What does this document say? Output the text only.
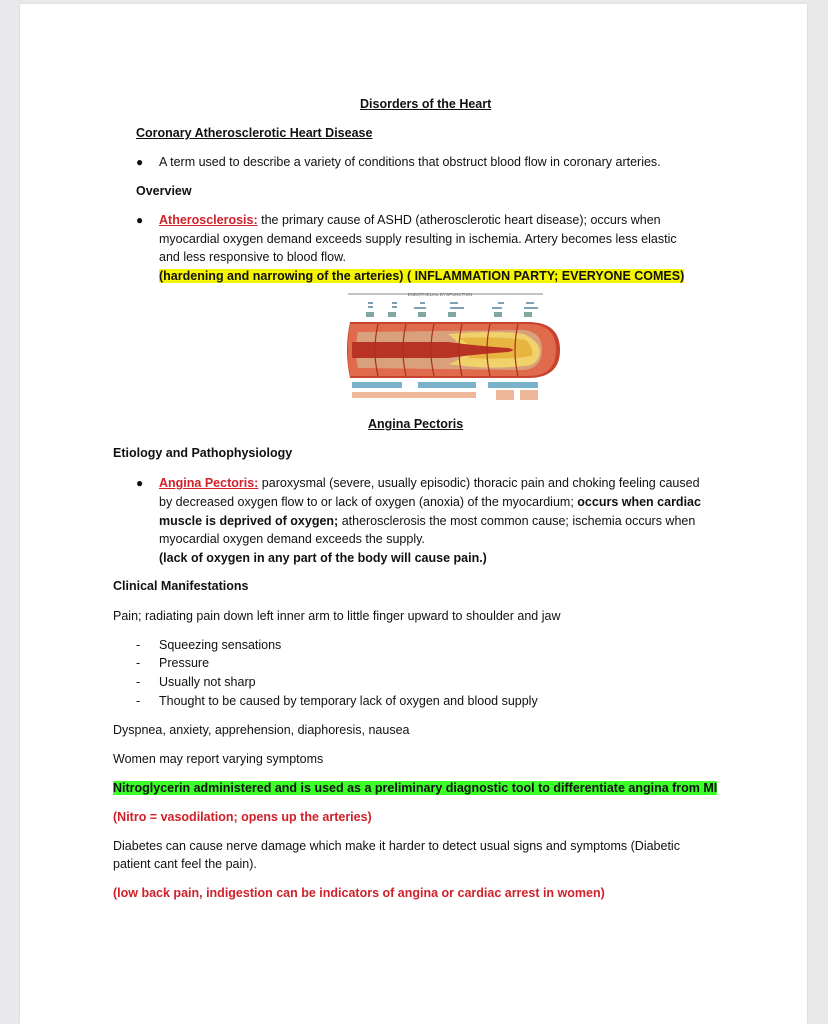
Disorders of the Heart
Coronary Atherosclerotic Heart Disease
● A term used to describe a variety of conditions that obstruct blood flow in coronary arteries.
Overview
● Atherosclerosis: the primary cause of ASHD (atherosclerotic heart disease); occurs when
myocardial oxygen demand exceeds supply resulting in ischemia. Artery becomes less elastic
and less responsive to blood flow.
(hardening and narrowing of the arteries) ( INFLAMMATION PARTY; EVERYONE COMES)
ENDOTHELIAL DYSFUNCTION
Angina Pectoris
Etiology and Pathophysiology
● Angina Pectoris: paroxysmal (severe, usually episodic) thoracic pain and choking feeling caused
by decreased oxygen flow to or lack of oxygen (anoxia) of the myocardium; occurs when cardiac
muscle is deprived of oxygen; atherosclerosis the most common cause; ischemia occurs when
myocardial oxygen demand exceeds the supply.
(lack of oxygen in any part of the body will cause pain.)
Clinical Manifestations
Pain; radiating pain down left inner arm to little finger upward to shoulder and jaw
- Squeezing sensations
- Pressure
- Usually not sharp
- Thought to be caused by temporary lack of oxygen and blood supply
Dyspnea, anxiety, apprehension, diaphoresis, nausea
Women may report varying symptoms
Nitroglycerin administered and is used as a preliminary diagnostic tool to differentiate angina from MI
(Nitro = vasodilation; opens up the arteries)
Diabetes can cause nerve damage which make it harder to detect usual signs and symptoms (Diabetic
patient cant feel the pain).
(low back pain, indigestion can be indicators of angina or cardiac arrest in women)
